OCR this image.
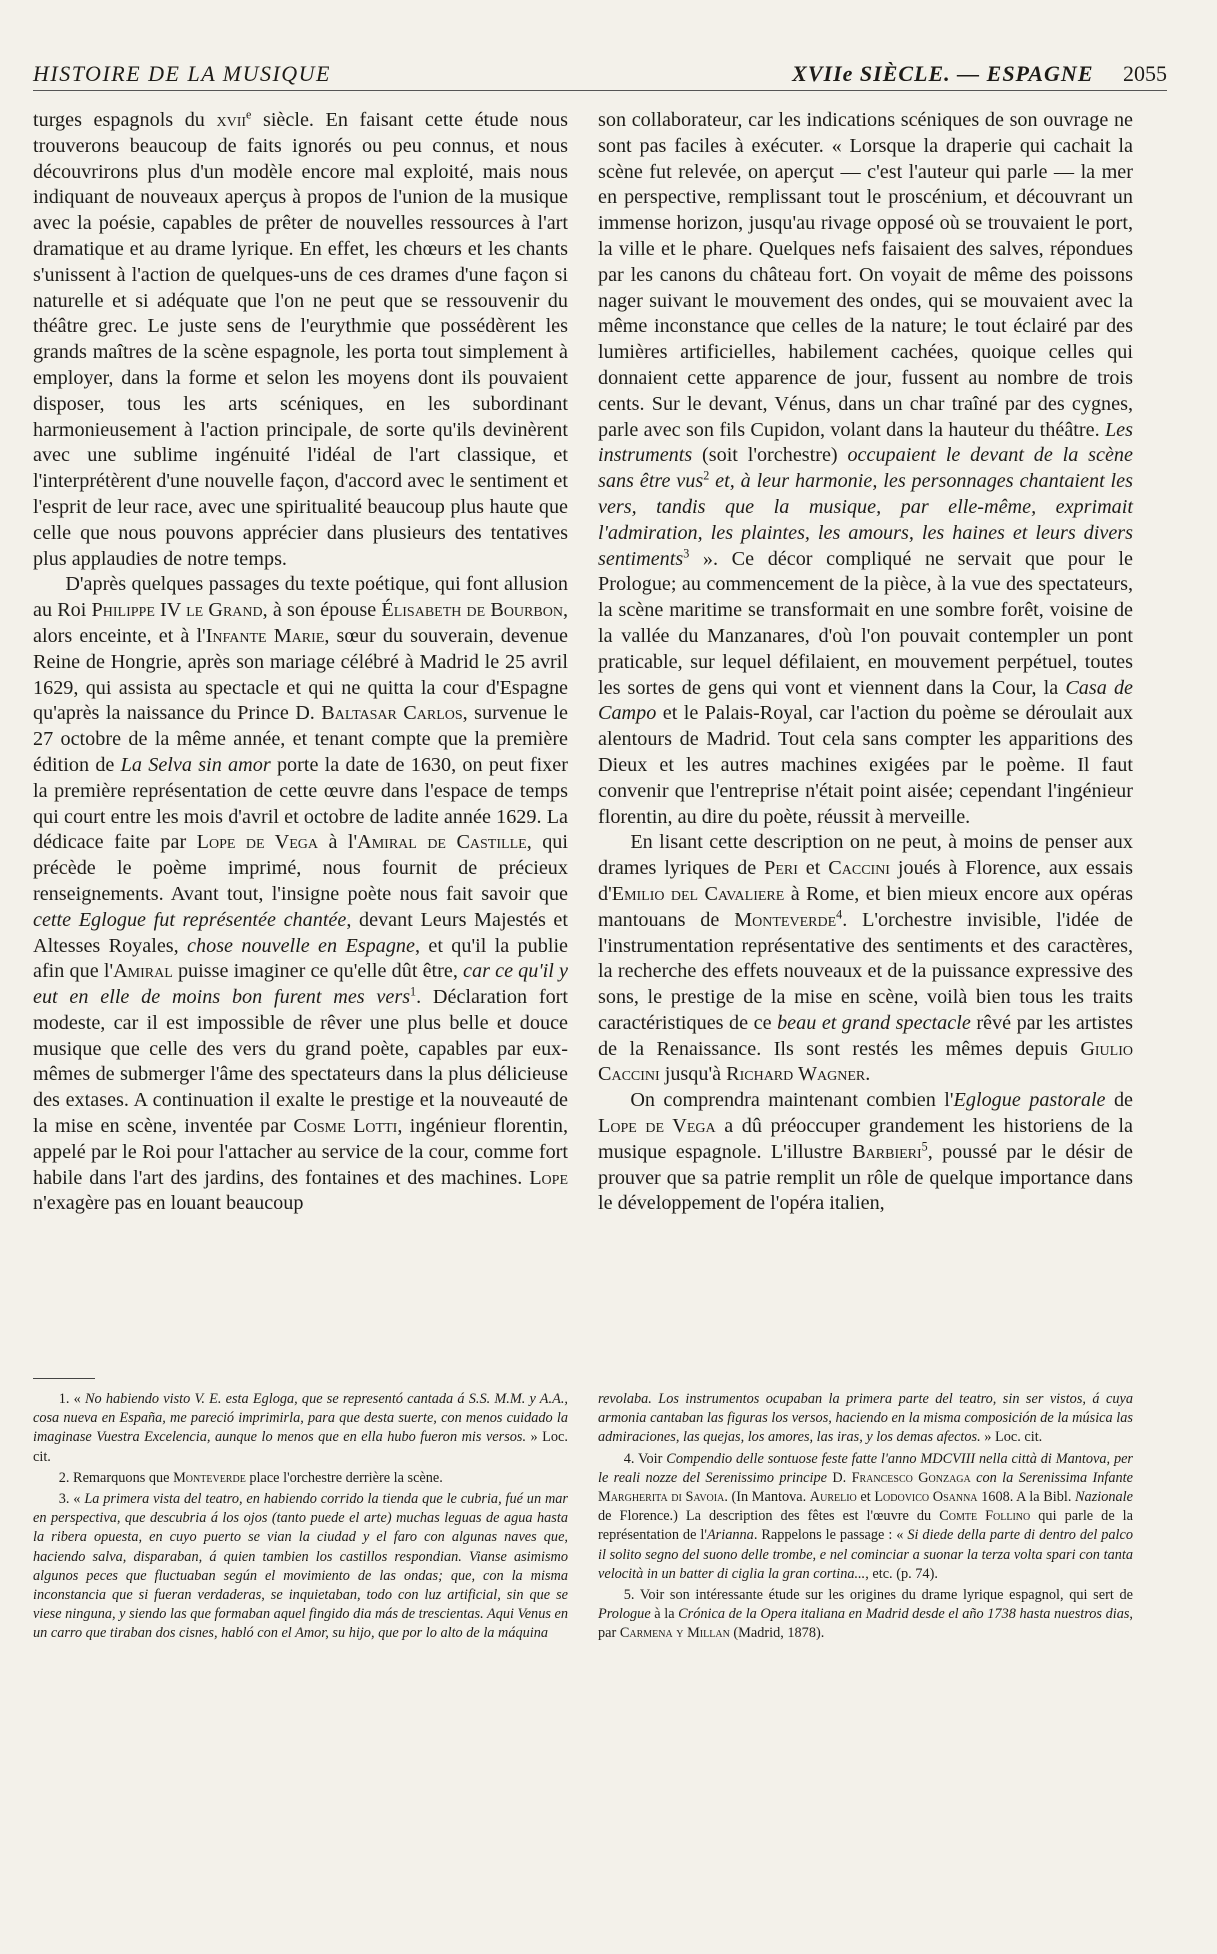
HISTOIRE DE LA MUSIQUE	XVIIe SIÈCLE. — ESPAGNE 2055

turges espagnols du xvii$^e$ siècle. En faisant cette étude nous trouverons beaucoup de faits ignorés ou peu connus, et nous découvrirons plus d'un modèle encore mal exploité, mais nous indiquant de nouveaux aperçus à propos de l'union de la musique avec la poésie, capables de prêter de nouvelles ressources à l'art dramatique et au drame lyrique. En effet, les chœurs et les chants s'unissent à l'action de quelques-uns de ces drames d'une façon si naturelle et si adéquate que l'on ne peut que se ressouvenir du théâtre grec. Le juste sens de l'eurythmie que possédèrent les grands maîtres de la scène espagnole, les porta tout simplement à employer, dans la forme et selon les moyens dont ils pouvaient disposer, tous les arts scéniques, en les subordinant harmonieusement à l'action principale, de sorte qu'ils devinèrent avec une sublime ingénuité l'idéal de l'art classique, et l'interprétèrent d'une nouvelle façon, d'accord avec le sentiment et l'esprit de leur race, avec une spiritualité beaucoup plus haute que celle que nous pouvons apprécier dans plusieurs des tentatives plus applaudies de notre temps.

D'après quelques passages du texte poétique, qui font allusion au Roi Philippe IV le Grand, à son épouse Élisabeth de Bourbon, alors enceinte, et à l'Infante Marie, sœur du souverain, devenue Reine de Hongrie, après son mariage célébré à Madrid le 25 avril 1629, qui assista au spectacle et qui ne quitta la cour d'Espagne qu'après la naissance du Prince D. Baltasar Carlos, survenue le 27 octobre de la même année, et tenant compte que la première édition de La Selva sin amor porte la date de 1630, on peut fixer la première représentation de cette œuvre dans l'espace de temps qui court entre les mois d'avril et octobre de ladite année 1629. La dédicace faite par Lope de Vega à l'Amiral de Castille, qui précède le poème imprimé, nous fournit de précieux renseignements. Avant tout, l'insigne poète nous fait savoir que cette Eglogue fut représentée chantée, devant Leurs Majestés et Altesses Royales, chose nouvelle en Espagne, et qu'il la publie afin que l'Amiral puisse imaginer ce qu'elle dût être, car ce qu'il y eut en elle de moins bon furent mes vers$^1$. Déclaration fort modeste, car il est impossible de rêver une plus belle et douce musique que celle des vers du grand poète, capables par eux-mêmes de submerger l'âme des spectateurs dans la plus délicieuse des extases. A continuation il exalte le prestige et la nouveauté de la mise en scène, inventée par Cosme Lotti, ingénieur florentin, appelé par le Roi pour l'attacher au service de la cour, comme fort habile dans l'art des jardins, des fontaines et des machines. Lope n'exagère pas en louant beaucoup

son collaborateur, car les indications scéniques de son ouvrage ne sont pas faciles à exécuter. « Lorsque la draperie qui cachait la scène fut relevée, on aperçut — c'est l'auteur qui parle — la mer en perspective, remplissant tout le proscénium, et découvrant un immense horizon, jusqu'au rivage opposé où se trouvaient le port, la ville et le phare. Quelques nefs faisaient des salves, répondues par les canons du château fort. On voyait de même des poissons nager suivant le mouvement des ondes, qui se mouvaient avec la même inconstance que celles de la nature; le tout éclairé par des lumières artificielles, habilement cachées, quoique celles qui donnaient cette apparence de jour, fussent au nombre de trois cents. Sur le devant, Vénus, dans un char traîné par des cygnes, parle avec son fils Cupidon, volant dans la hauteur du théâtre. Les instruments (soit l'orchestre) occupaient le devant de la scène sans être vus$^2$ et, à leur harmonie, les personnages chantaient les vers, tandis que la musique, par elle-même, exprimait l'admiration, les plaintes, les amours, les haines et leurs divers sentiments$^3$ ». Ce décor compliqué ne servait que pour le Prologue; au commencement de la pièce, à la vue des spectateurs, la scène maritime se transformait en une sombre forêt, voisine de la vallée du Manzanares, d'où l'on pouvait contempler un pont praticable, sur lequel défilaient, en mouvement perpétuel, toutes les sortes de gens qui vont et viennent dans la Cour, la Casa de Campo et le Palais-Royal, car l'action du poème se déroulait aux alentours de Madrid. Tout cela sans compter les apparitions des Dieux et les autres machines exigées par le poème. Il faut convenir que l'entreprise n'était point aisée; cependant l'ingénieur florentin, au dire du poète, réussit à merveille.

En lisant cette description on ne peut, à moins de penser aux drames lyriques de Peri et Caccini joués à Florence, aux essais d'Emilio del Cavaliere à Rome, et bien mieux encore aux opéras mantouans de Monteverde$^4$. L'orchestre invisible, l'idée de l'instrumentation représentative des sentiments et des caractères, la recherche des effets nouveaux et de la puissance expressive des sons, le prestige de la mise en scène, voilà bien tous les traits caractéristiques de ce beau et grand spectacle rêvé par les artistes de la Renaissance. Ils sont restés les mêmes depuis Giulio Caccini jusqu'à Richard Wagner.

On comprendra maintenant combien l'Eglogue pastorale de Lope de Vega a dû préoccuper grandement les historiens de la musique espagnole. L'illustre Barbieri$^5$, poussé par le désir de prouver que sa patrie remplit un rôle de quelque importance dans le développement de l'opéra italien,

1. « No habiendo visto V. E. esta Egloga, que se representó cantada á S.S. M.M. y A.A., cosa nueva en España, me pareció imprimirla, para que desta suerte, con menos cuidado la imaginase Vuestra Excelencia, aunque lo menos que en ella hubo fueron mis versos. » Loc. cit.

2. Remarquons que Monteverde place l'orchestre derrière la scène.

3. « La primera vista del teatro, en habiendo corrido la tienda que le cubria, fué un mar en perspectiva, que descubria á los ojos (tanto puede el arte) muchas leguas de agua hasta la ribera opuesta, en cuyo puerto se vian la ciudad y el faro con algunas naves que, haciendo salva, disparaban, á quien tambien los castillos respondian. Vianse asimismo algunos peces que fluctuaban según el movimiento de las ondas; que, con la misma inconstancia que si fueran verdaderas, se inquietaban, todo con luz artificial, sin que se viese ninguna, y siendo las que formaban aquel fingido dia más de trescientas. Aqui Venus en un carro que tiraban dos cisnes, habló con el Amor, su hijo, que por lo alto de la máquina

revolaba. Los instrumentos ocupaban la primera parte del teatro, sin ser vistos, á cuya armonia cantaban las figuras los versos, haciendo en la misma composición de la música las admiraciones, las quejas, los amores, las iras, y los demas afectos. » Loc. cit.

4. Voir Compendio delle sontuose feste fatte l'anno MDCVIII nella città di Mantova, per le reali nozze del Serenissimo principe D. Francesco Gonzaga con la Serenissima Infante Margherita di Savoia. (In Mantova. Aurelio et Lodovico Osanna 1608. A la Bibl. Nazionale de Florence.) La description des fêtes est l'œuvre du Comte Follino qui parle de la représentation de l'Arianna. Rappelons le passage : « Si diede della parte di dentro del palco il solito segno del suono delle trombe, e nel cominciar a suonar la terza volta spari con tanta velocità in un batter di ciglia la gran cortina..., etc. (p. 74).

5. Voir son intéressante étude sur les origines du drame lyrique espagnol, qui sert de Prologue à la Crónica de la Opera italiana en Madrid desde el año 1738 hasta nuestros dias, par Carmena y Millan (Madrid, 1878).
